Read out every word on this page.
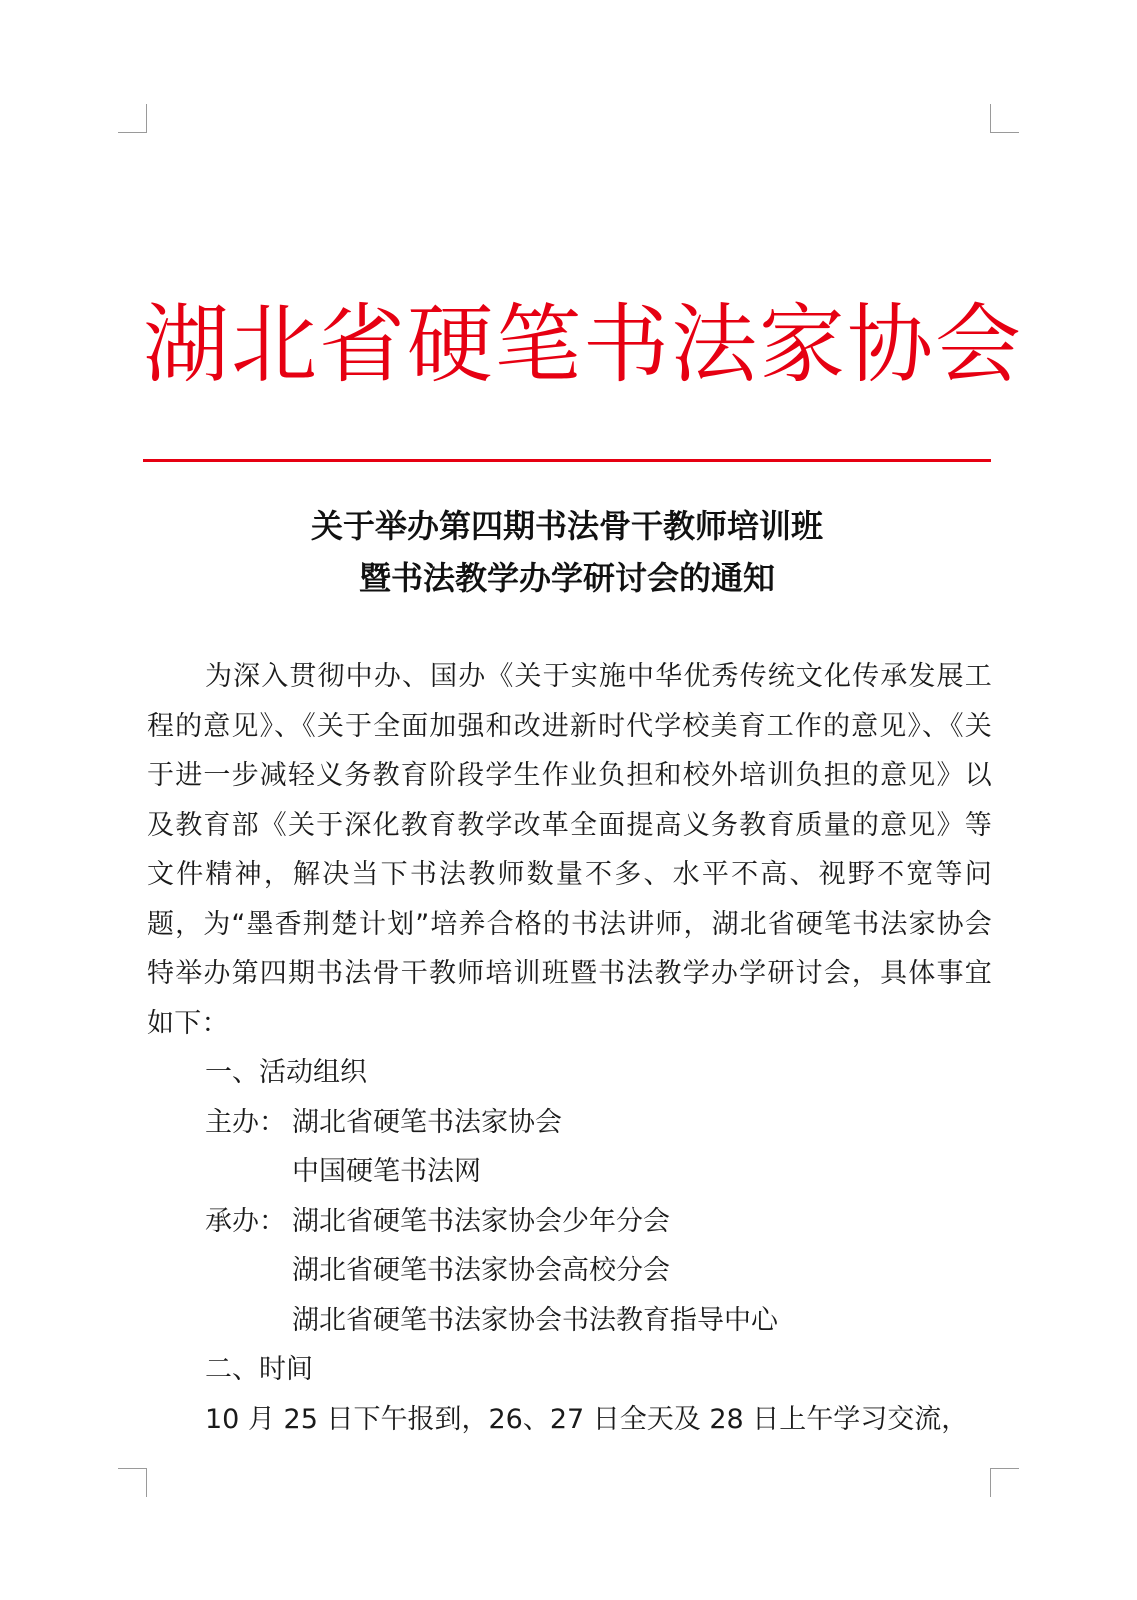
湖北省硬笔书法家协会
关于举办第四期书法骨干教师培训班
暨书法教学办学研讨会的通知

为深入贯彻中办、国办《关于实施中华优秀传统文化传承发展工程的意见》、《关于全面加强和改进新时代学校美育工作的意见》、《关于进一步减轻义务教育阶段学生作业负担和校外培训负担的意见》以及教育部《关于深化教育教学改革全面提高义务教育质量的意见》等文件精神，解决当下书法教师数量不多、水平不高、视野不宽等问题，为“墨香荆楚计划”培养合格的书法讲师，湖北省硬笔书法家协会特举办第四期书法骨干教师培训班暨书法教学办学研讨会，具体事宜如下：

一、活动组织
主办： 湖北省硬笔书法家协会
中国硬笔书法网
承办： 湖北省硬笔书法家协会少年分会
湖北省硬笔书法家协会高校分会
湖北省硬笔书法家协会书法教育指导中心
二、时间
10 月 25 日下午报到，26、27 日全天及 28 日上午学习交流，
